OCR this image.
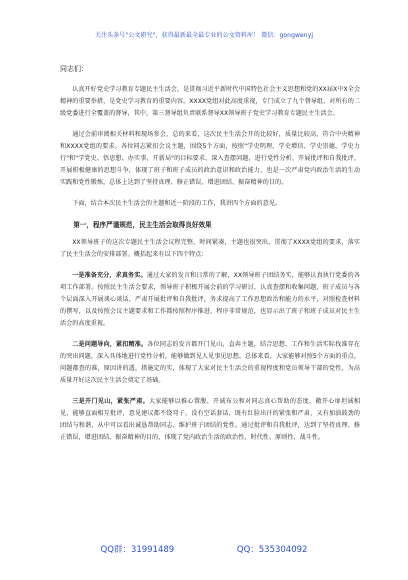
关注头条号"公文研究"，获得最新最全最专业的公文资料库！ 微信：gongwenyj

同志们：

认真开好党史学习教育专题民主生活会，是贯彻习近平新时代中国特色社会主义思想和党的XX届X中X全会精神的重要举措，是党史学习教育的重要内容。XXXX党组对此高度重视，专门成立了九个督导组，对所有的二级党委进行全覆盖的督导，其中，第三督导组负责联系督导XX领导班子党史学习教育专题民主生活会。

通过会前审阅相关材料和现场参会，总的来看，这次民主生活会开的比较好，质量比较高，符合中央精神和XXXX党组的要求。各位同志紧扣会议主题，围绕5个方面，按照"学史明理、学史增信、学史崇德、学史力行"和"学党史、悟思想、办实事、开新局"的目标要求，深入查摆问题，进行党性分析，开展批评和自我批评，开展积极健康的思想斗争，体现了班子和班子成员的政治意识和政治能力，也是一次严肃党内政治生活的生动实践和党性锻炼，总体上达到了坚持真理、修正错误、增进团结、振奋精神的目的。

下面，结合本次民主生活会的主题和近一阶段的工作，我讲四个方面的意见。

第一，程序严谨规范，民主生活会取得良好效果

XX领导班子的这次专题民主生活会议程完整、时间紧凑，主题也很突出，贯彻了XXXX党组的要求，落实了民主生活会的安排部署。概括起来有以下四个特点：

一是准备充分，求真务实。通过大家的发言和日常的了解，XX领导班子团结务实，能够认真执行党委的各项工作部署。按照民主生活会要求，领导班子积极开展会前的学习研讨，认真查摆和收集问题，班子成员与各个层面深入开展谈心谈话，严肃开展批评和自我批评，务求提高了工作思想政治和能力的水平，对照检查材料的撰写，以及按照会议主题要求和工作都按照程序推进，程序非常规范，也显示出了班子和班子成员对民主生活会的高度重视。

二是问题导向，紧扣精准。各位同志的发言都开门见山，直奔主题，结合思想、工作和生活实际找准存在的突出问题，深入具体地进行党性分析，能够做到见人见事见思想。总体来看，大家能够对照5个方面的重点，问题都查的准，原因讲的透，措施定的实，体现了大家对民主生活会的重视程度和党员领导干部的党性，为高质量开好这次民主生活会奠定了基础。

三是开门见山，紧张严肃。大家能够以推心置腹、开诚布公和对同志真心帮助的态度，敞开心扉坦诚相见，能够直面相互批评，意见建议都不绕弯子，没有空话套话，既有红脸出汗的紧张和严肃，又有加油鼓劲的团结与和谐，从中可以看出诚恳帮助同志、维护班子团结的党性。通过批评和自我批评，达到了坚持真理、修正错误，增进团结、振奋精神的目的，体现了党内政治生活的政治性、时代性、原则性、战斗性。

QQ群：31991489	QQ：535304092
